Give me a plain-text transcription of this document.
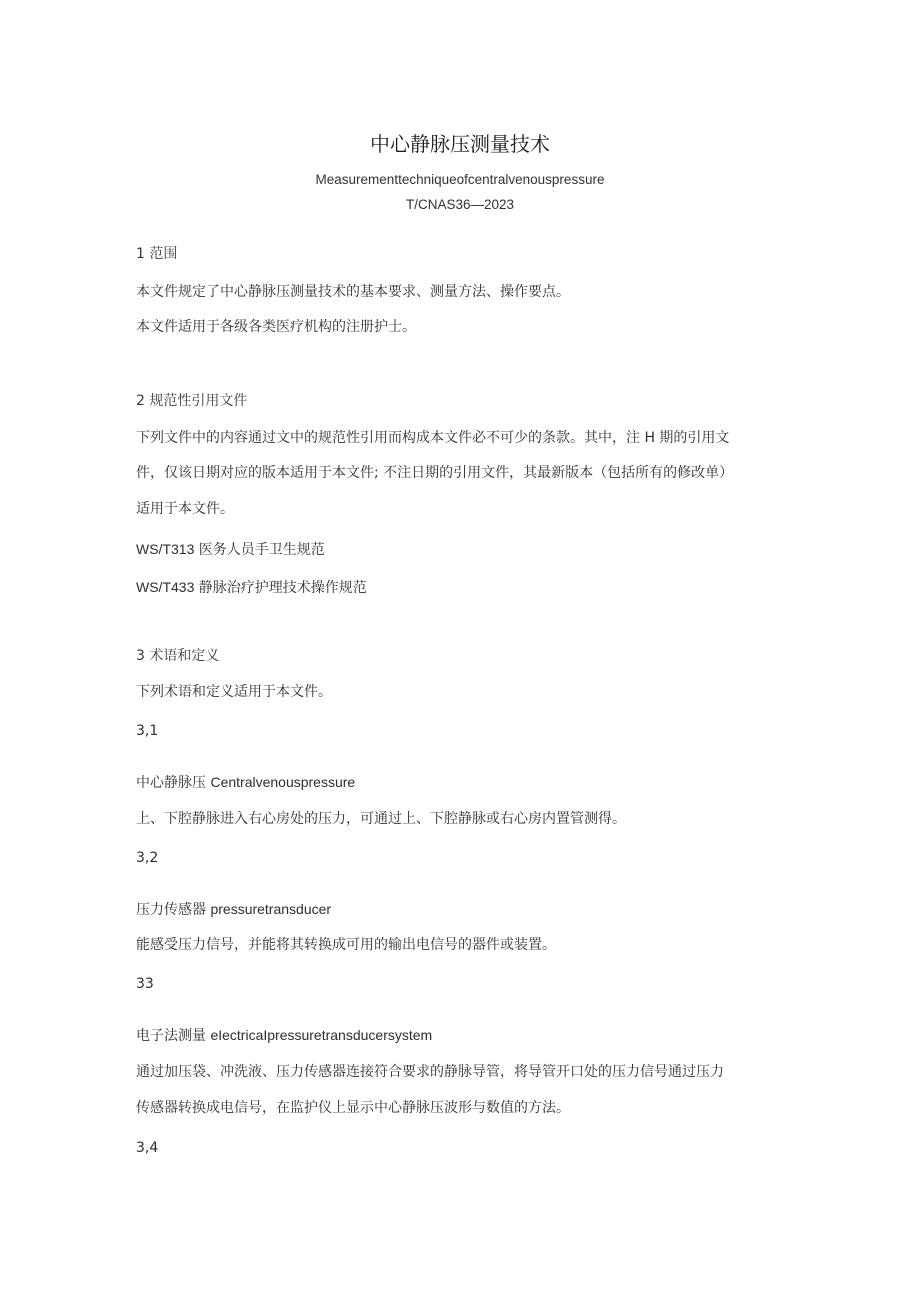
中心静脉压测量技术

Measurementtechniqueofcentralvenouspressure

T/CNAS36—2023

1 范围

本文件规定了中心静脉压测量技术的基本要求、测量方法、操作要点。

本文件适用于各级各类医疗机构的注册护士。

2 规范性引用文件

下列文件中的内容通过文中的规范性引用而构成本文件必不可少的条款。其中，注 H 期的引用文

件，仅该日期对应的版本适用于本文件; 不注日期的引用文件，其最新版本（包括所有的修改单）

适用于本文件。

WS/T313 医务人员手卫生规范

WS/T433 静脉治疗护理技术操作规范

3 术语和定义

下列术语和定义适用于本文件。

3,1

中心静脉压 Centralvenouspressure

上、下腔静脉进入右心房处的压力，可通过上、下腔静脉或右心房内置管测得。

3,2

压力传感器 pressuretransducer

能感受压力信号，并能将其转换成可用的输出电信号的器件或装置。

33

电子法测量 eIectricaIpressuretransducersystem

通过加压袋、冲洗液、压力传感器连接符合要求的静脉导管，将导管开口处的压力信号通过压力

传感器转换成电信号，在监护仪上显示中心静脉压波形与数值的方法。

3,4
